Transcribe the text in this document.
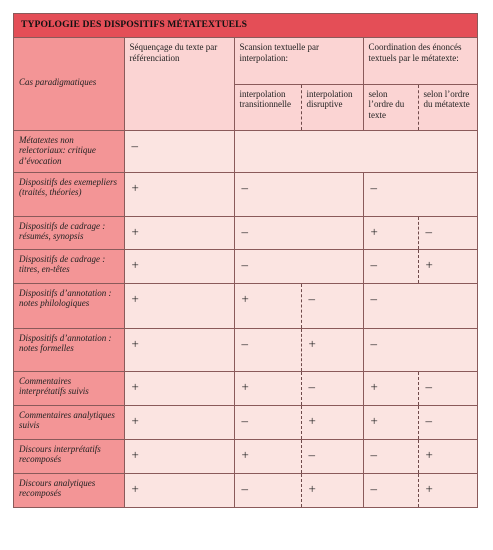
TYPOLOGIE DES DISPOSITIFS MÉTATEXTUELS
Cas paradigmatiques	Séquençage du texte par référenciation	Scansion textuelle par interpolation:		Coordination des énoncés textuels par le métatexte:	
		interpolation transitionnelle	interpolation disruptive	selon l’ordre du texte	selon l’ordre du métatexte
Métatextes non relectoriaux: critique d’évocation	–				
Dispositifs des exemepliers (traités, théories)	+	–		–	
Dispositifs de cadrage : résumés, synopsis	+	–		+	–
Dispositifs de cadrage : titres, en-têtes	+	–		–	+
Dispositifs d’annotation : notes philologiques	+	+	–	–	
Dispositifs d’annotation : notes formelles	+	–	+	–	
Commentaires interprétatifs suivis	+	+	–	+	–
Commentaires analytiques suivis	+	–	+	+	–
Discours interprétatifs recomposés	+	+	–	–	+
Discours analytiques recomposés	+	–	+	–	+
